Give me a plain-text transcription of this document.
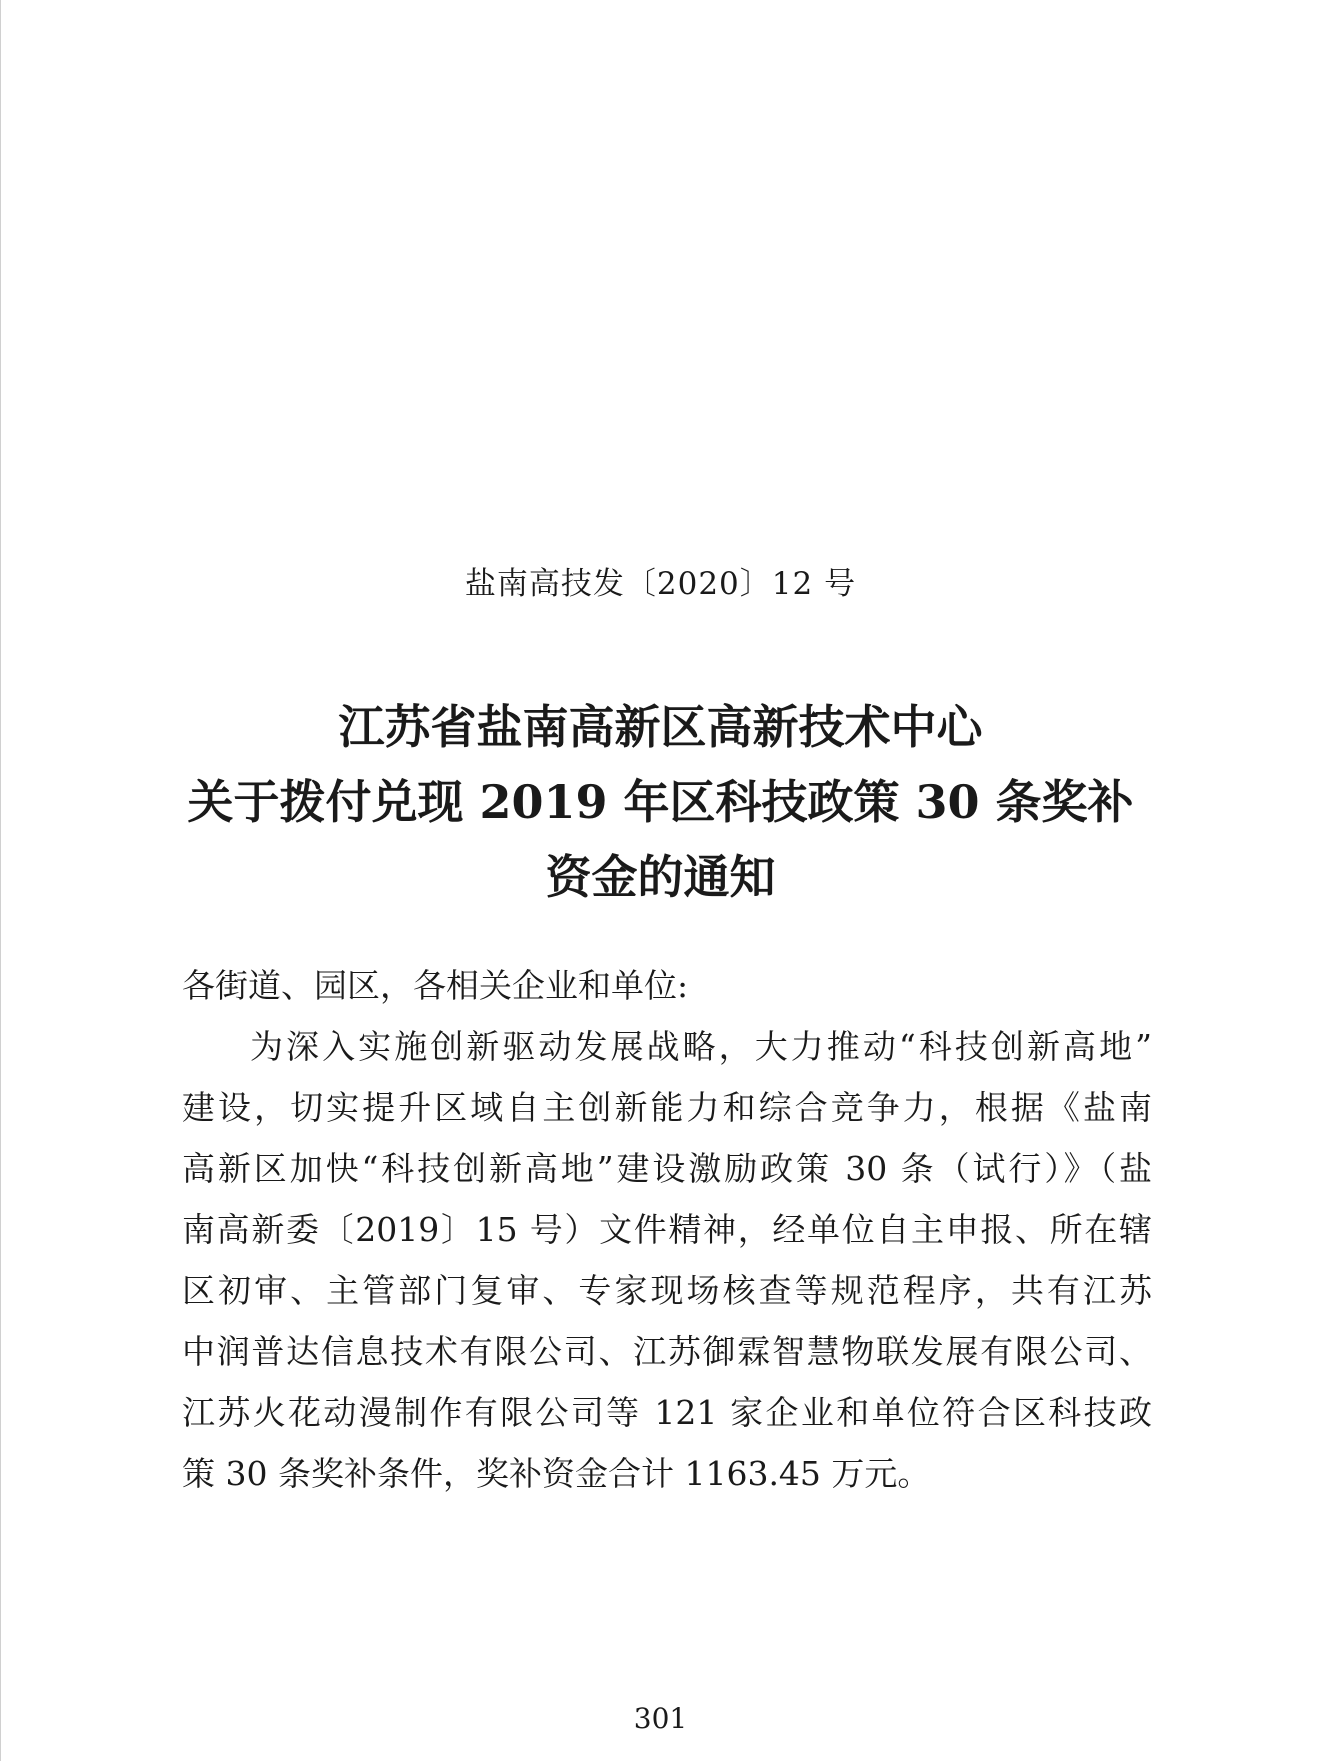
盐南高技发〔2020〕12 号
江苏省盐南高新区高新技术中心
关于拨付兑现 2019 年区科技政策 30 条奖补
资金的通知
各街道、园区，各相关企业和单位:
为深入实施创新驱动发展战略，大力推动“科技创新高地”
建设，切实提升区域自主创新能力和综合竞争力，根据《盐南
高新区加快“科技创新高地”建设激励政策 30 条（试行）》（盐
南高新委〔2019〕15 号）文件精神，经单位自主申报、所在辖
区初审、主管部门复审、专家现场核查等规范程序，共有江苏
中润普达信息技术有限公司、江苏御霖智慧物联发展有限公司、
江苏火花动漫制作有限公司等 121 家企业和单位符合区科技政
策 30 条奖补条件，奖补资金合计 1163.45 万元。
301
